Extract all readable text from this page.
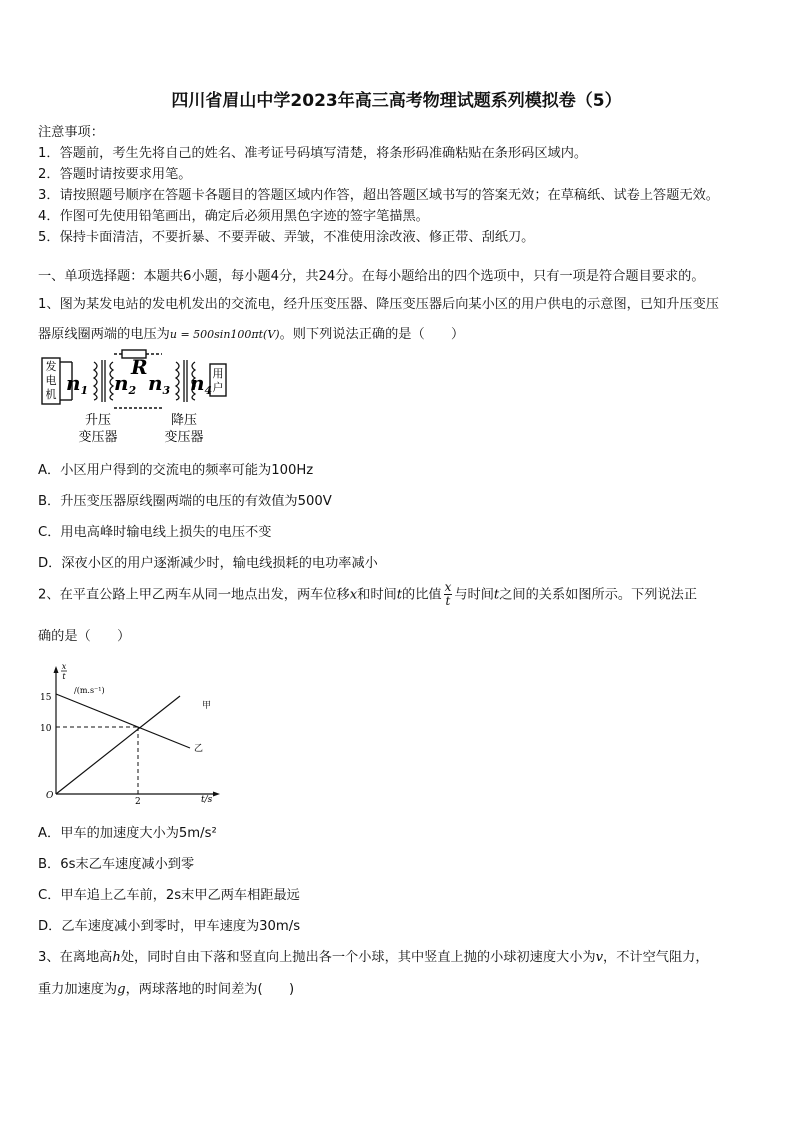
四川省眉山中学2023年高三高考物理试题系列模拟卷（5）
注意事项：
1．答题前，考生先将自己的姓名、准考证号码填写清楚，将条形码准确粘贴在条形码区域内。
2．答题时请按要求用笔。
3．请按照题号顺序在答题卡各题目的答题区域内作答，超出答题区域书写的答案无效；在草稿纸、试卷上答题无效。
4．作图可先使用铅笔画出，确定后必须用黑色字迹的签字笔描黑。
5．保持卡面清洁，不要折暴、不要弄破、弄皱，不准使用涂改液、修正带、刮纸刀。
一、单项选择题：本题共6小题，每小题4分，共24分。在每小题给出的四个选项中，只有一项是符合题目要求的。
1、图为某发电站的发电机发出的交流电，经升压变压器、降压变压器后向某小区的用户供电的示意图，已知升压变压
器原线圈两端的电压为u = 500sin100πt(V)。则下列说法正确的是（　　）
发
电
机 $n_1$ $n_2$
R
$n_3$ $n_4$
用
户
升压
变压器
降压
变压器
A．小区用户得到的交流电的频率可能为100Hz
B．升压变压器原线圈两端的电压的有效值为500V
C．用电高峰时输电线上损失的电压不变
D．深夜小区的用户逐渐减少时，输电线损耗的电功率减小
2、在平直公路上甲乙两车从同一地点出发，两车位移x和时间t的比值 $\frac{x}{t}$ 与时间t之间的关系如图所示。下列说法正
确的是（　　）
x
t
/(m.s⁻¹)
15
10
O
2	t/s
甲
乙
A．甲车的加速度大小为5m/s²
B．6s末乙车速度减小到零
C．甲车追上乙车前，2s末甲乙两车相距最远
D．乙车速度减小到零时，甲车速度为30m/s
3、在离地高h处，同时自由下落和竖直向上抛出各一个小球，其中竖直上抛的小球初速度大小为v，不计空气阻力，
重力加速度为g，两球落地的时间差为(　　)
